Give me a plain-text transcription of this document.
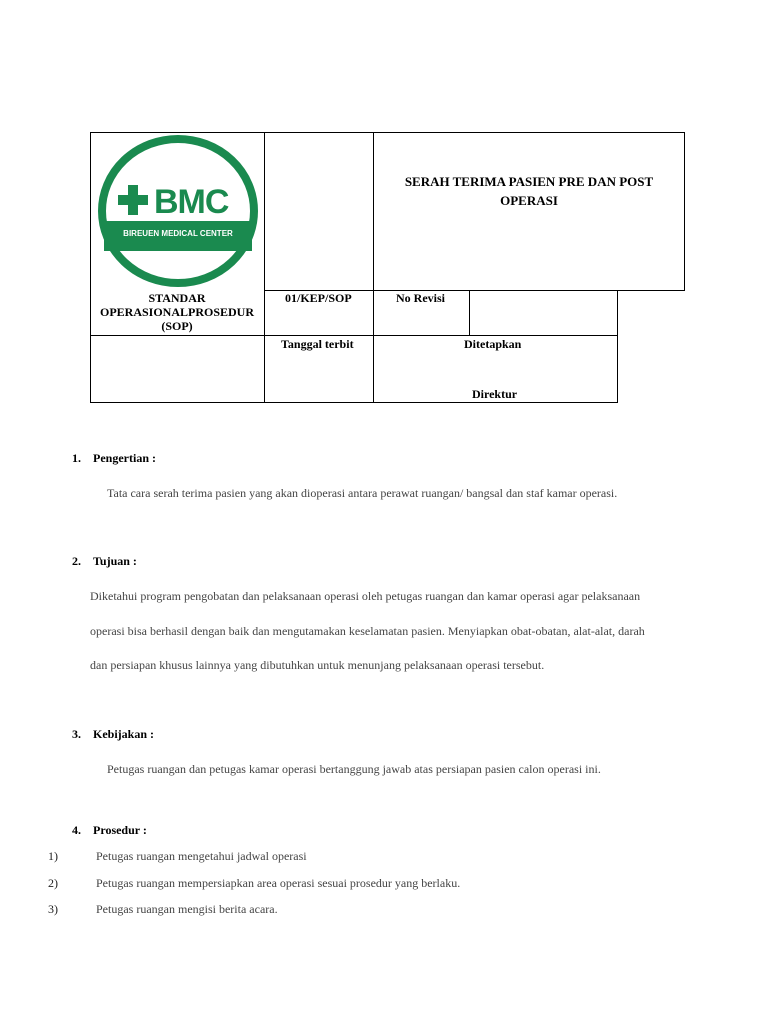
BMC
BIREUEN MEDICAL CENTER
SERAH TERIMA PASIEN PRE DAN POST OPERASI
STANDAR OPERASIONALPROSEDUR (SOP)
01/KEP/SOP	No Revisi
Tanggal terbit	Ditetapkan
Direktur
1. Pengertian :
Tata cara serah terima pasien yang akan dioperasi antara perawat ruangan/ bangsal dan staf kamar operasi.
2. Tujuan :
Diketahui program pengobatan dan pelaksanaan operasi oleh petugas ruangan dan kamar operasi agar pelaksanaan
operasi bisa berhasil dengan baik dan mengutamakan keselamatan pasien. Menyiapkan obat-obatan, alat-alat, darah
dan persiapan khusus lainnya yang dibutuhkan untuk menunjang pelaksanaan operasi tersebut.
3. Kebijakan :
Petugas ruangan dan petugas kamar operasi bertanggung jawab atas persiapan pasien calon operasi ini.
4. Prosedur :
1)	Petugas ruangan mengetahui jadwal operasi
2)	Petugas ruangan mempersiapkan area operasi sesuai prosedur yang berlaku.
3)	Petugas ruangan mengisi berita acara.
